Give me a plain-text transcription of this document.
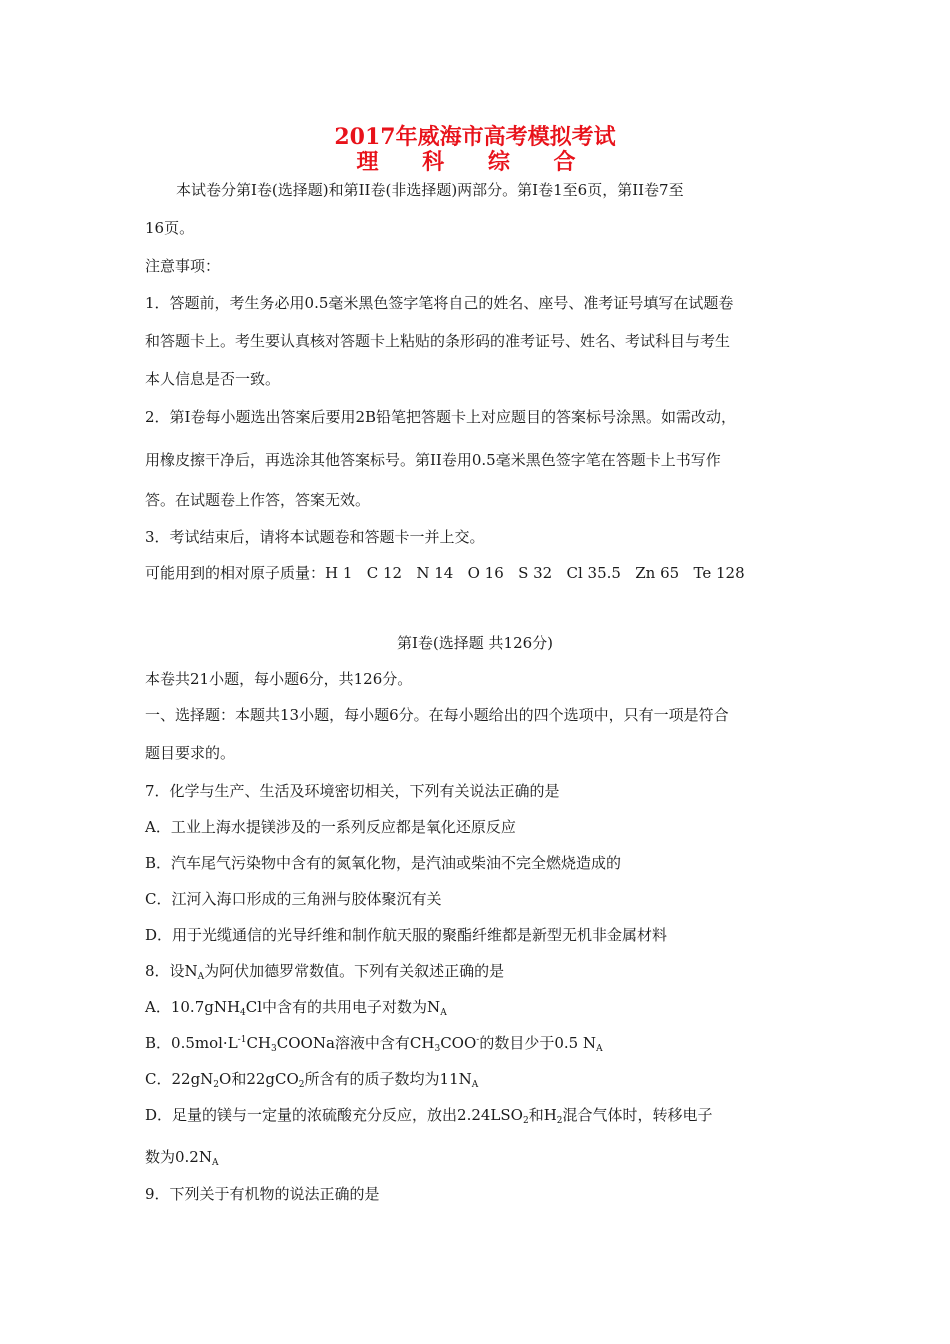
2017年威海市高考模拟考试
理 科 综 合
本试卷分第I卷(选择题)和第II卷(非选择题)两部分。第I卷1至6页，第II卷7至
16页。
注意事项：
1．答题前，考生务必用0.5毫米黑色签字笔将自己的姓名、座号、准考证号填写在试题卷
和答题卡上。考生要认真核对答题卡上粘贴的条形码的准考证号、姓名、考试科目与考生
本人信息是否一致。
2．第I卷每小题选出答案后要用2B铅笔把答题卡上对应题目的答案标号涂黑。如需改动，
用橡皮擦干净后，再选涂其他答案标号。第II卷用0.5毫米黑色签字笔在答题卡上书写作
答。在试题卷上作答，答案无效。
3．考试结束后，请将本试题卷和答题卡一并上交。
可能用到的相对原子质量：H 1   C 12   N 14   O 16   S 32   Cl 35.5   Zn 65   Te 128
第I卷(选择题 共126分)
本卷共21小题，每小题6分，共126分。
一、选择题：本题共13小题，每小题6分。在每小题给出的四个选项中，只有一项是符合
题目要求的。
7．化学与生产、生活及环境密切相关，下列有关说法正确的是
A．工业上海水提镁涉及的一系列反应都是氧化还原反应
B．汽车尾气污染物中含有的氮氧化物，是汽油或柴油不完全燃烧造成的
C．江河入海口形成的三角洲与胶体聚沉有关
D．用于光缆通信的光导纤维和制作航天服的聚酯纤维都是新型无机非金属材料
8．设$N_A$为阿伏加德罗常数值。下列有关叙述正确的是
A．10.7gNH$_4$Cl中含有的共用电子对数为$N_A$
B．$0.5mol\cdot L^{-1}CH_3COONa$溶液中含有$CH_3COO^-$的数目少于0.5 $N_A$
C．$22gN_2O$和22gCO$_2$所含有的质子数均为$11N_A$
D．足量的镁与一定量的浓硫酸充分反应，放出$2.24LSO_2$和$H_2$混合气体时，转移电子
数为$0.2N_A$
9．下列关于有机物的说法正确的是
